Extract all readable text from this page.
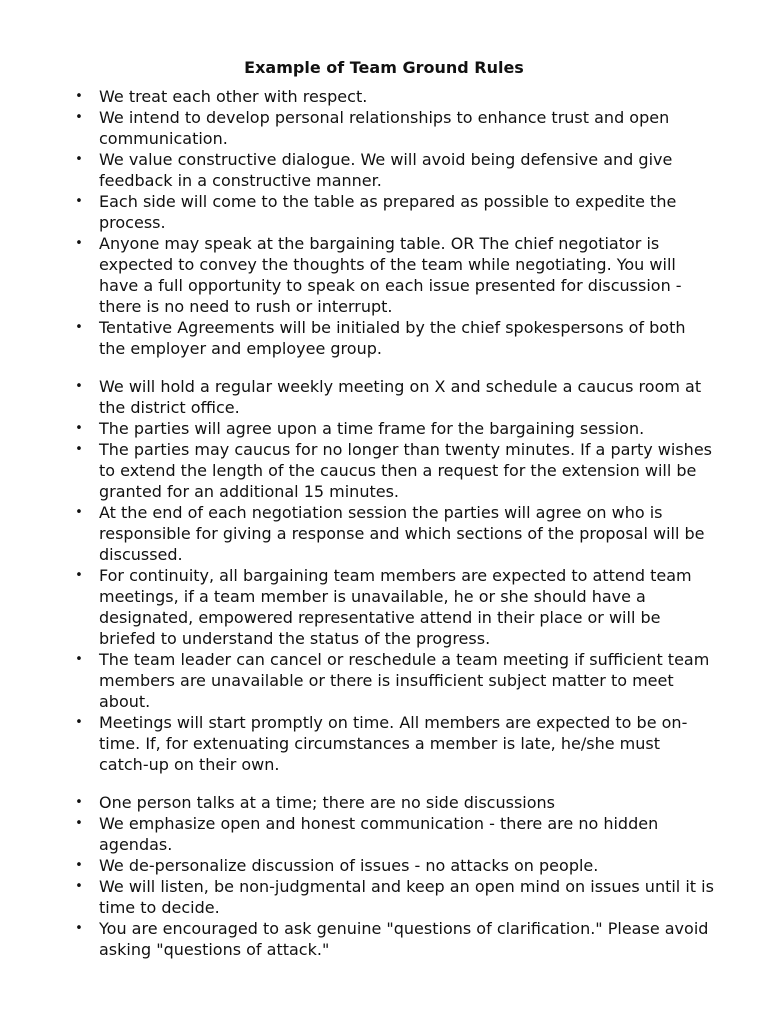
Example of Team Ground Rules
• We treat each other with respect.
• We intend to develop personal relationships to enhance trust and open communication.
• We value constructive dialogue. We will avoid being defensive and give feedback in a constructive manner.
• Each side will come to the table as prepared as possible to expedite the process.
• Anyone may speak at the bargaining table. OR The chief negotiator is expected to convey the thoughts of the team while negotiating. You will have a full opportunity to speak on each issue presented for discussion - there is no need to rush or interrupt.
• Tentative Agreements will be initialed by the chief spokespersons of both the employer and employee group.
• We will hold a regular weekly meeting on X and schedule a caucus room at the district office.
• The parties will agree upon a time frame for the bargaining session.
• The parties may caucus for no longer than twenty minutes. If a party wishes to extend the length of the caucus then a request for the extension will be granted for an additional 15 minutes.
• At the end of each negotiation session the parties will agree on who is responsible for giving a response and which sections of the proposal will be discussed.
• For continuity, all bargaining team members are expected to attend team meetings, if a team member is unavailable, he or she should have a designated, empowered representative attend in their place or will be briefed to understand the status of the progress.
• The team leader can cancel or reschedule a team meeting if sufficient team members are unavailable or there is insufficient subject matter to meet about.
• Meetings will start promptly on time. All members are expected to be on-time. If, for extenuating circumstances a member is late, he/she must catch-up on their own.
• One person talks at a time; there are no side discussions
• We emphasize open and honest communication - there are no hidden agendas.
• We de-personalize discussion of issues - no attacks on people.
• We will listen, be non-judgmental and keep an open mind on issues until it is time to decide.
• You are encouraged to ask genuine "questions of clarification." Please avoid asking "questions of attack."
